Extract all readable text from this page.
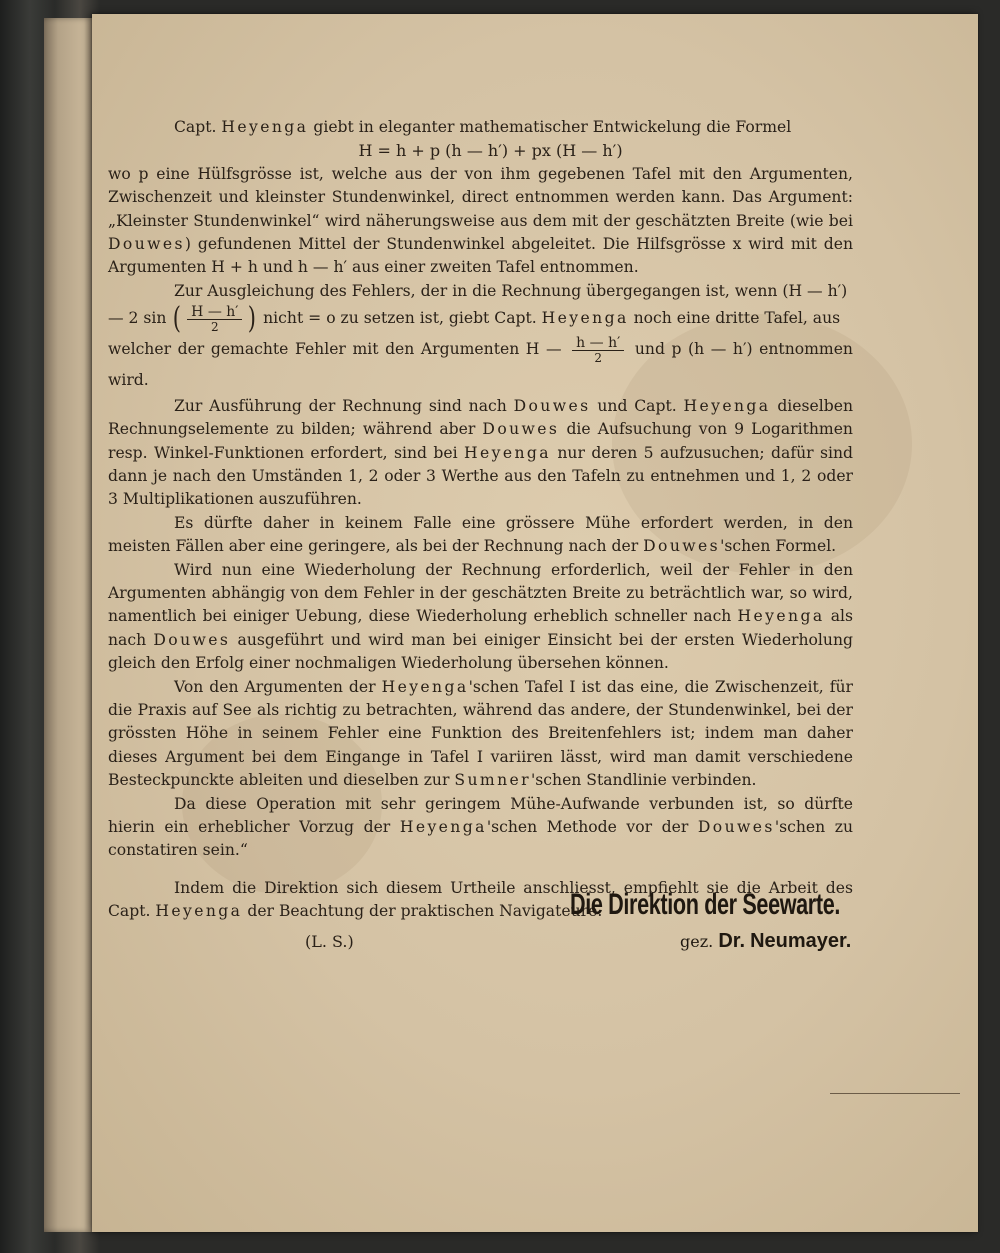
Capt. Heyenga giebt in eleganter mathematischer Entwickelung die Formel

H = h + p (h — h′) + px (H — h′)

wo p eine Hülfsgrösse ist, welche aus der von ihm gegebenen Tafel mit den Argumenten, Zwischenzeit und kleinster Stundenwinkel, direct entnommen werden kann. Das Argument: „Kleinster Stundenwinkel“ wird näherungsweise aus dem mit der geschätzten Breite (wie bei Douwes) gefundenen Mittel der Stundenwinkel abgeleitet. Die Hilfsgrösse x wird mit den Argumenten H + h und h — h′ aus einer zweiten Tafel entnommen.

Zur Ausgleichung des Fehlers, der in die Rechnung übergegangen ist, wenn (H — h′)

— 2 sin ( $\frac{H — h'}{2}$ ) nicht = o zu setzen ist, giebt Capt. Heyenga noch eine dritte Tafel, aus

welcher der gemachte Fehler mit den Argumenten H — $\frac{h — h'}{2}$ und p (h — h′) entnommen wird.

Zur Ausführung der Rechnung sind nach Douwes und Capt. Heyenga dieselben Rechnungselemente zu bilden; während aber Douwes die Aufsuchung von 9 Logarithmen resp. Winkel-Funktionen erfordert, sind bei Heyenga nur deren 5 aufzusuchen; dafür sind dann je nach den Umständen 1, 2 oder 3 Werthe aus den Tafeln zu entnehmen und 1, 2 oder 3 Multiplikationen auszuführen.

Es dürfte daher in keinem Falle eine grössere Mühe erfordert werden, in den meisten Fällen aber eine geringere, als bei der Rechnung nach der Douwes'schen Formel.

Wird nun eine Wiederholung der Rechnung erforderlich, weil der Fehler in den Argumenten abhängig von dem Fehler in der geschätzten Breite zu beträchtlich war, so wird, namentlich bei einiger Uebung, diese Wiederholung erheblich schneller nach Heyenga als nach Douwes ausgeführt und wird man bei einiger Einsicht bei der ersten Wiederholung gleich den Erfolg einer nochmaligen Wiederholung übersehen können.

Von den Argumenten der Heyenga'schen Tafel I ist das eine, die Zwischenzeit, für die Praxis auf See als richtig zu betrachten, während das andere, der Stundenwinkel, bei der grössten Höhe in seinem Fehler eine Funktion des Breitenfehlers ist; indem man daher dieses Argument bei dem Eingange in Tafel I variiren lässt, wird man damit verschiedene Besteckpunckte ableiten und dieselben zur Sumner'schen Standlinie verbinden.

Da diese Operation mit sehr geringem Mühe-Aufwande verbunden ist, so dürfte hierin ein erheblicher Vorzug der Heyenga'schen Methode vor der Douwes'schen zu constatiren sein.“

Indem die Direktion sich diesem Urtheile anschliesst, empfiehlt sie die Arbeit des Capt. Heyenga der Beachtung der praktischen Navigateure.

(L. S.)
Die Direktion der Seewarte.
gez. Dr. Neumayer.
